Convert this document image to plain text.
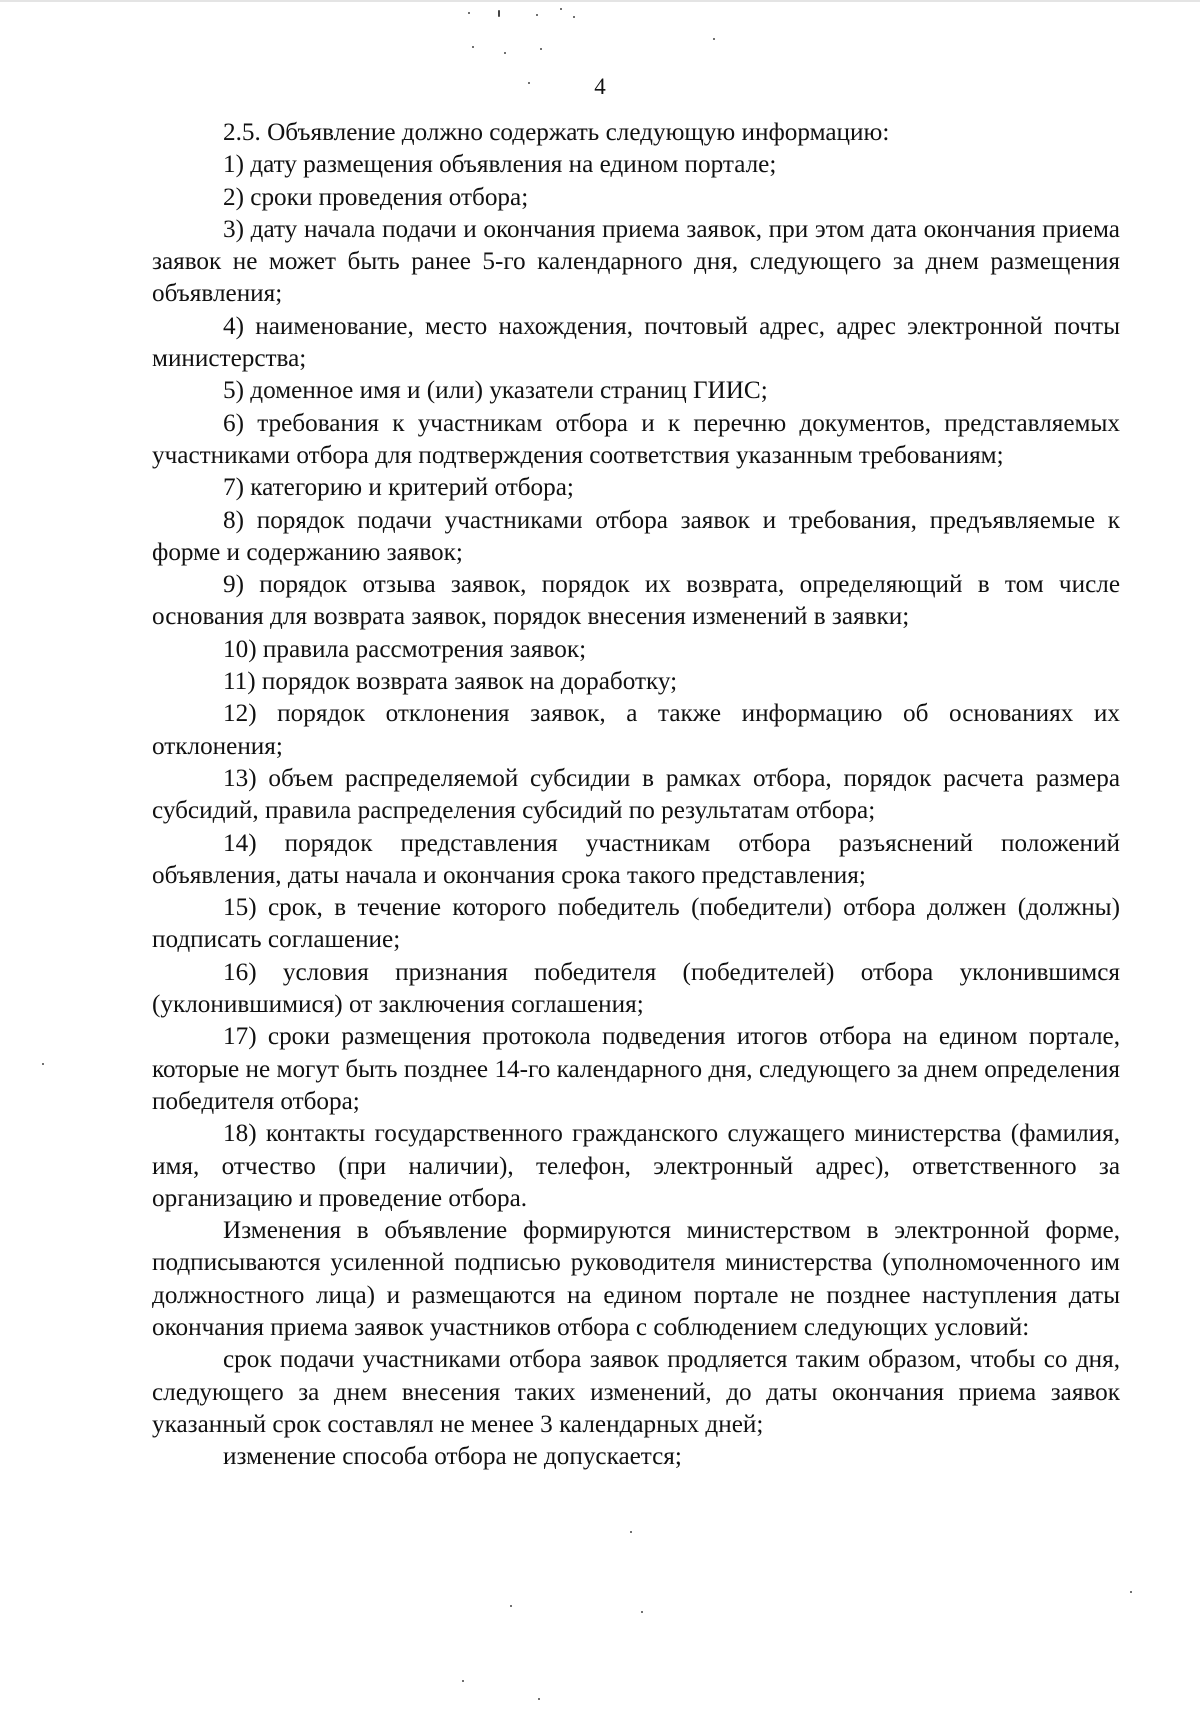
4

2.5. Объявление должно содержать следующую информацию:

1) дату размещения объявления на едином портале;

2) сроки проведения отбора;

3) дату начала подачи и окончания приема заявок, при этом дата окончания приема заявок не может быть ранее 5-го календарного дня, следующего за днем размещения объявления;

4) наименование, место нахождения, почтовый адрес, адрес электронной почты министерства;

5) доменное имя и (или) указатели страниц ГИИС;

6) требования к участникам отбора и к перечню документов, представляемых участниками отбора для подтверждения соответствия указанным требованиям;

7) категорию и критерий отбора;

8) порядок подачи участниками отбора заявок и требования, предъявляемые к форме и содержанию заявок;

9) порядок отзыва заявок, порядок их возврата, определяющий в том числе основания для возврата заявок, порядок внесения изменений в заявки;

10) правила рассмотрения заявок;

11) порядок возврата заявок на доработку;

12) порядок отклонения заявок, а также информацию об основаниях их отклонения;

13) объем распределяемой субсидии в рамках отбора, порядок расчета размера субсидий, правила распределения субсидий по результатам отбора;

14) порядок представления участникам отбора разъяснений положений объявления, даты начала и окончания срока такого представления;

15) срок, в течение которого победитель (победители) отбора должен (должны) подписать соглашение;

16) условия признания победителя (победителей) отбора уклонившимся (уклонившимися) от заключения соглашения;

17) сроки размещения протокола подведения итогов отбора на едином портале, которые не могут быть позднее 14-го календарного дня, следующего за днем определения победителя отбора;

18) контакты государственного гражданского служащего министерства (фамилия, имя, отчество (при наличии), телефон, электронный адрес), ответственного за организацию и проведение отбора.

Изменения в объявление формируются министерством в электронной форме, подписываются усиленной подписью руководителя министерства (уполномоченного им должностного лица) и размещаются на едином портале не позднее наступления даты окончания приема заявок участников отбора с соблюдением следующих условий:

срок подачи участниками отбора заявок продляется таким образом, чтобы со дня, следующего за днем внесения таких изменений, до даты окончания приема заявок указанный срок составлял не менее 3 календарных дней;

изменение способа отбора не допускается;
